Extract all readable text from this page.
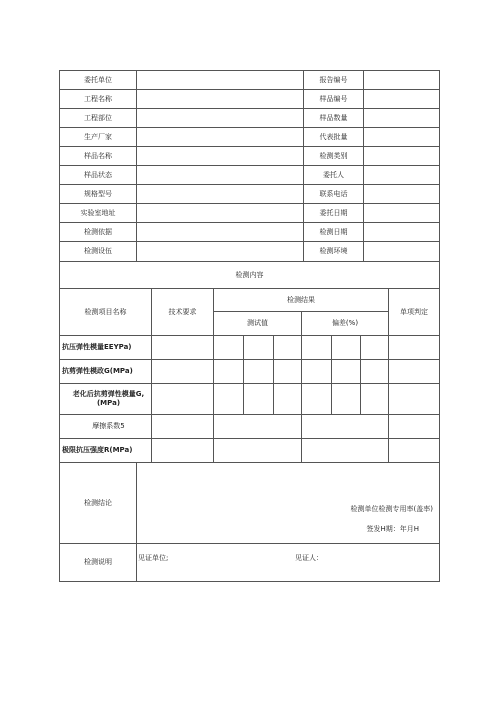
委托单位	报告编号
工程名称	样品编号
工程部位	样品数量
生产厂家	代表批量
样品名称	检测类别
样品状态	委托人
规格型号	联系电话
实验室地址	委托日期
检测依据	检测日期
检测设伍	检测环境
检测内容
检测项目名称	技术要求
检测结果
测试值	偏差(%)
单项判定
抗压弹性模量EEYPa)
抗剪弹性模政G(MPa)
老化后抗剪弹性模量G,(MPa)
摩擦系数5
极限抗压强度R(MPa)
检测结论
检测单位检测专用率(盖率)
签发H期：年月H
检测说明	见证单位;	见证人：
